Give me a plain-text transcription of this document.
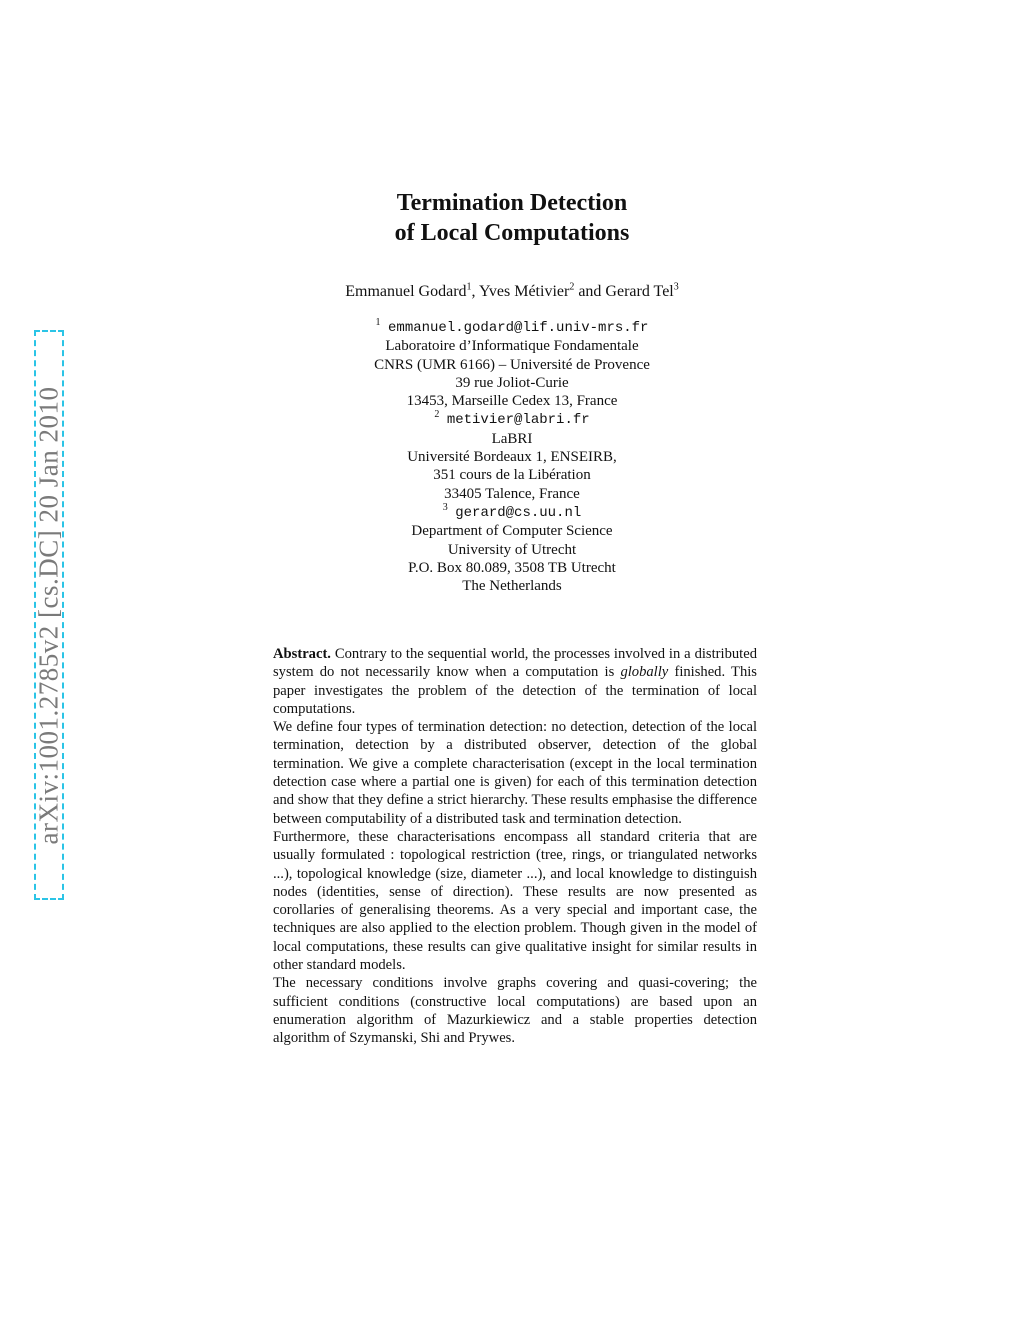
arXiv:1001.2785v2 [cs.DC] 20 Jan 2010
Termination Detection
of Local Computations
Emmanuel Godard$^1$, Yves Métivier$^2$ and Gerard Tel$^3$
$^1$ emmanuel.godard@lif.univ-mrs.fr
Laboratoire d’Informatique Fondamentale
CNRS (UMR 6166) – Université de Provence
39 rue Joliot-Curie
13453, Marseille Cedex 13, France
$^2$ metivier@labri.fr
LaBRI
Université Bordeaux 1, ENSEIRB,
351 cours de la Libération
33405 Talence, France
$^3$ gerard@cs.uu.nl
Department of Computer Science
University of Utrecht
P.O. Box 80.089, 3508 TB Utrecht
The Netherlands

Abstract. Contrary to the sequential world, the processes involved in a distributed system do not necessarily know when a computation is globally finished. This paper investigates the problem of the detection of the termination of local computations.

We define four types of termination detection: no detection, detection of the local termination, detection by a distributed observer, detection of the global termination. We give a complete characterisation (except in the local termination detection case where a partial one is given) for each of this termination detection and show that they define a strict hierarchy. These results emphasise the difference between computability of a distributed task and termination detection.

Furthermore, these characterisations encompass all standard criteria that are usually formulated : topological restriction (tree, rings, or triangulated networks ...), topological knowledge (size, diameter ...), and local knowledge to distinguish nodes (identities, sense of direction). These results are now presented as corollaries of generalising theorems. As a very special and important case, the techniques are also applied to the election problem. Though given in the model of local computations, these results can give qualitative insight for similar results in other standard models.

The necessary conditions involve graphs covering and quasi-covering; the sufficient conditions (constructive local computations) are based upon an enumeration algorithm of Mazurkiewicz and a stable properties detection algorithm of Szymanski, Shi and Prywes.
